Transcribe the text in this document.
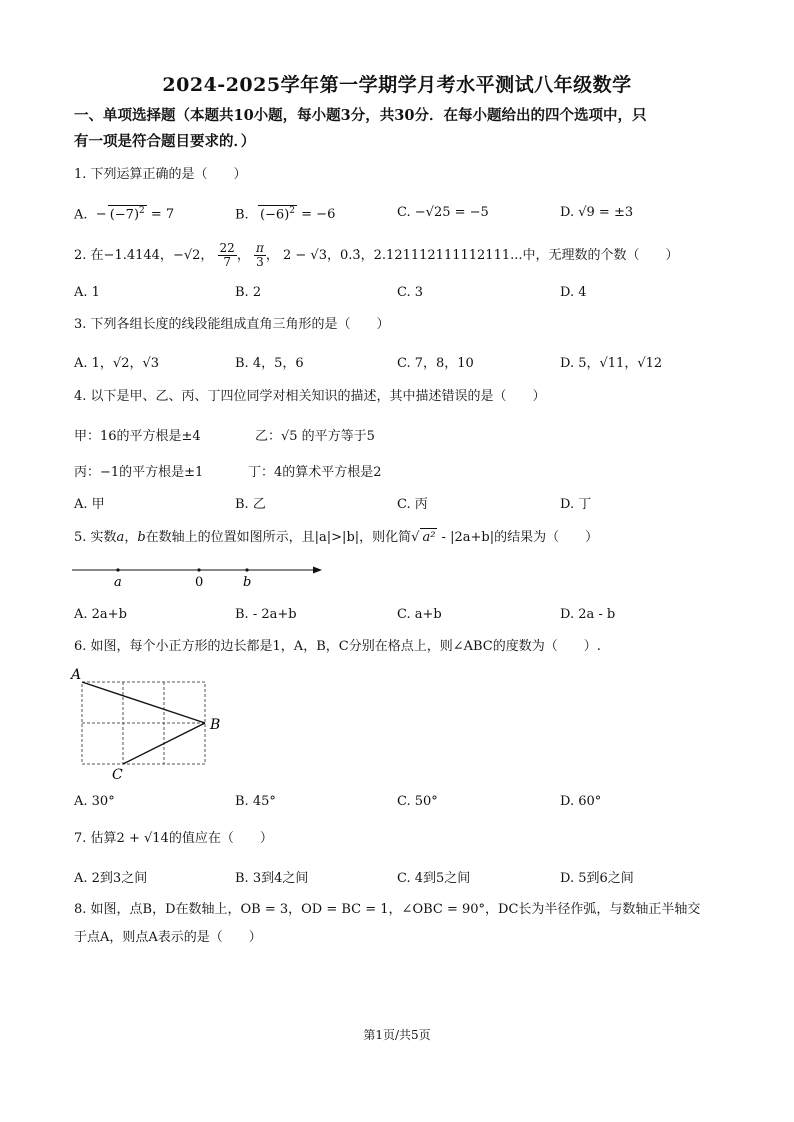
2024-2025学年第一学期学月考水平测试八年级数学
一、单项选择题（本题共10小题，每小题3分，共30分．在每小题给出的四个选项中，只
有一项是符合题目要求的．）
1. 下列运算正确的是（　　）
A.  − $(-7)^2 = 7$	B. $(-6)^2 = -6$	C. −√25 = −5	D. √9 = ±3
2. 在−1.4144，−√2， $\frac{22}{7}$ ， $\frac{\pi}{3}$ ， 2 − √3，0.3̇，2.121112111112111...中，无理数的个数（　　）
A. 1	B. 2	C. 3	D. 4
3. 下列各组长度的线段能组成直角三角形的是（　　）
A. 1，√2，√3	B. 4，5，6	C. 7，8，10	D. 5，√11，√12
4. 以下是甲、乙、丙、丁四位同学对相关知识的描述，其中描述错误的是（　　）
甲：16的平方根是±4	乙：√5 的平方等于5
丙：−1的平方根是±1	丁：4的算术平方根是2
A. 甲	B. 乙	C. 丙	D. 丁
5. 实数a，b在数轴上的位置如图所示，且|a|>|b|，则化简√ a² - |2a+b|的结果为（　　）
a	0	b
A. 2a+b	B. - 2a+b	C. a+b	D. 2a - b
6. 如图，每个小正方形的边长都是1，A，B，C分别在格点上，则∠ABC的度数为（　　）.
A
B
C
A. 30°	B. 45°	C. 50°	D. 60°
7. 估算2 + √14的值应在（　　）
A. 2到3之间	B. 3到4之间	C. 4到5之间	D. 5到6之间
8. 如图，点B，D在数轴上，OB = 3，OD = BC = 1，∠OBC = 90°，DC长为半径作弧，与数轴正半轴交
于点A，则点A表示的是（　　）
第1页/共5页
